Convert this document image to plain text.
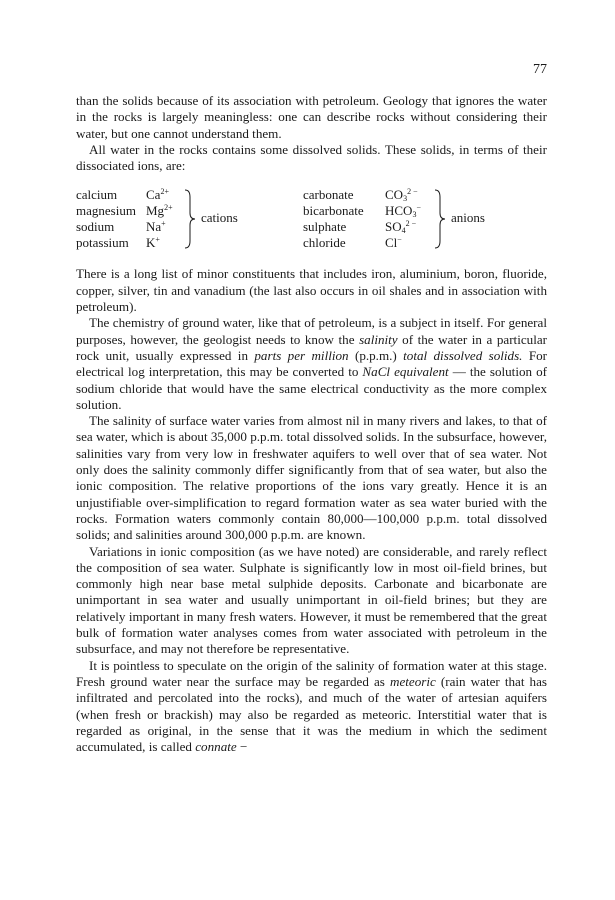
77

than the solids because of its association with petroleum. Geology that ignores the water in the rocks is largely meaningless: one can describe rocks without considering their water, but one cannot understand them.

All water in the rocks contains some dissolved solids. These solids, in terms of their dissociated ions, are:

calcium $Ca^{2+}$
magnesium $Mg^{2+}$
sodium Na+
potassium K+
cations
carbonate $CO_3^{2 -}$
bicarbonate $HCO_3^-$
sulphate	$SO_4^{2 -}$
chloride	Cl−
anions

There is a long list of minor constituents that includes iron, aluminium, boron, fluoride, copper, silver, tin and vanadium (the last also occurs in oil shales and in association with petroleum).

The chemistry of ground water, like that of petroleum, is a subject in itself. For general purposes, however, the geologist needs to know the salinity of the water in a particular rock unit, usually expressed in parts per million (p.p.m.) total dissolved solids. For electrical log interpretation, this may be converted to NaCl equivalent — the solution of sodium chloride that would have the same electrical conductivity as the more complex solution.

The salinity of surface water varies from almost nil in many rivers and lakes, to that of sea water, which is about 35,000 p.p.m. total dissolved solids. In the subsurface, however, salinities vary from very low in freshwater aquifers to well over that of sea water. Not only does the salinity commonly differ significantly from that of sea water, but also the ionic composition. The relative proportions of the ions vary greatly. Hence it is an unjustifiable over-simplification to regard formation water as sea water buried with the rocks. Formation waters commonly contain 80,000—100,000 p.p.m. total dissolved solids; and salinities around 300,000 p.p.m. are known.

Variations in ionic composition (as we have noted) are considerable, and rarely reflect the composition of sea water. Sulphate is significantly low in most oil-field brines, but commonly high near base metal sulphide deposits. Carbonate and bicarbonate are unimportant in sea water and usually unimportant in oil-field brines; but they are relatively important in many fresh waters. However, it must be remembered that the great bulk of formation water analyses comes from water associated with petroleum in the subsurface, and may not therefore be representative.

It is pointless to speculate on the origin of the salinity of formation water at this stage. Fresh ground water near the surface may be regarded as meteoric (rain water that has infiltrated and percolated into the rocks), and much of the water of artesian aquifers (when fresh or brackish) may also be regarded as meteoric. Interstitial water that is regarded as original, in the sense that it was the medium in which the sediment accumulated, is called connate −
